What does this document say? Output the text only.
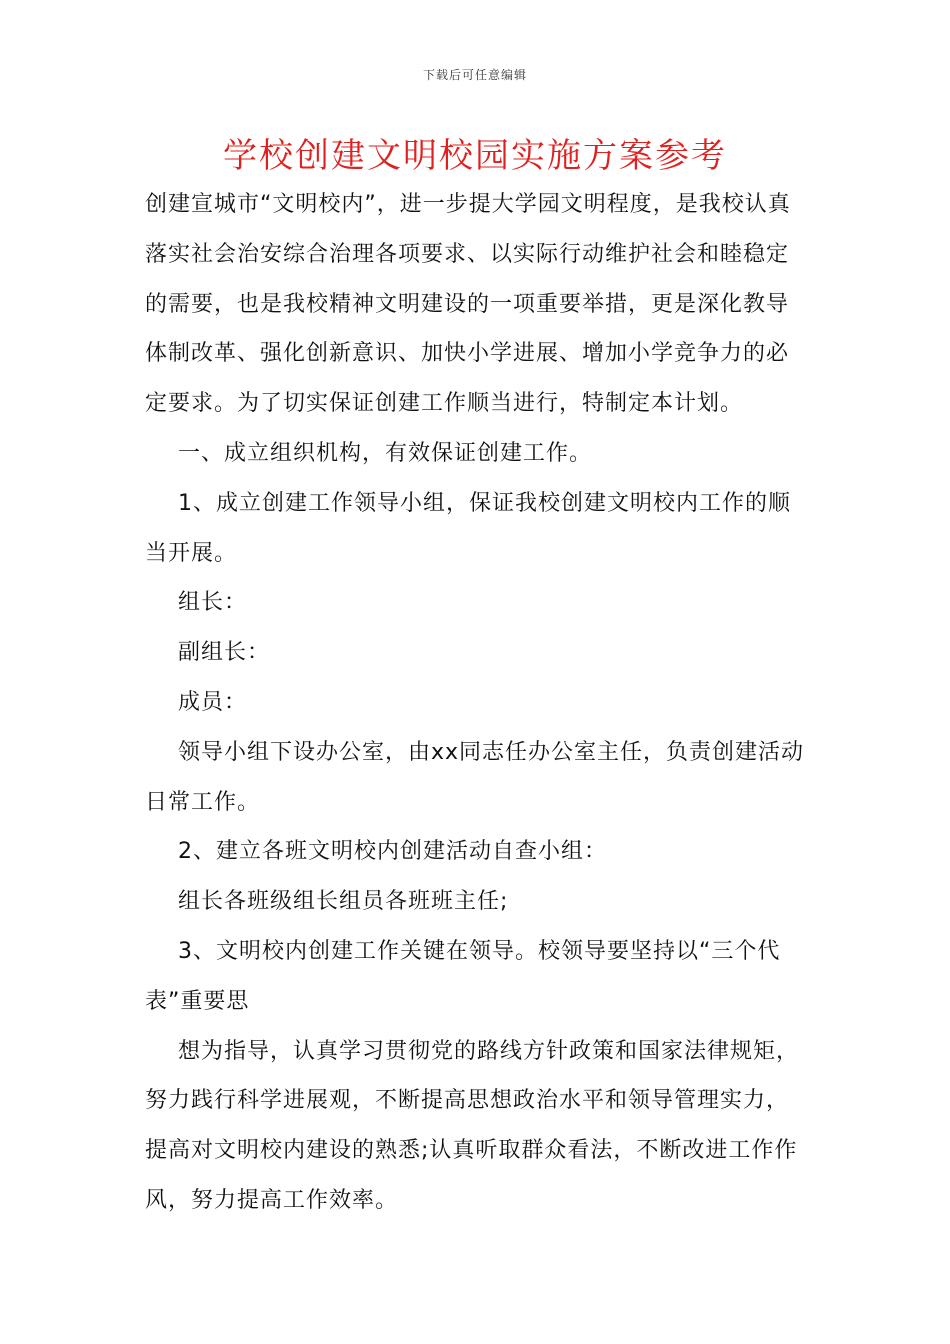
下载后可任意编辑
学校创建文明校园实施方案参考

创建宣城市“文明校内”，进一步提大学园文明程度，是我校认真落实社会治安综合治理各项要求、以实际行动维护社会和睦稳定的需要，也是我校精神文明建设的一项重要举措，更是深化教导体制改革、强化创新意识、加快小学进展、增加小学竞争力的必定要求。为了切实保证创建工作顺当进行，特制定本计划。

一、成立组织机构，有效保证创建工作。

1、成立创建工作领导小组，保证我校创建文明校内工作的顺当开展。

组长：

副组长：

成员：

领导小组下设办公室，由xx同志任办公室主任，负责创建活动日常工作。

2、建立各班文明校内创建活动自查小组：

组长各班级组长组员各班班主任;

3、文明校内创建工作关键在领导。校领导要坚持以“三个代表”重要思

想为指导，认真学习贯彻党的路线方针政策和国家法律规矩，努力践行科学进展观，不断提高思想政治水平和领导管理实力，提高对文明校内建设的熟悉;认真听取群众看法，不断改进工作作风，努力提高工作效率。
